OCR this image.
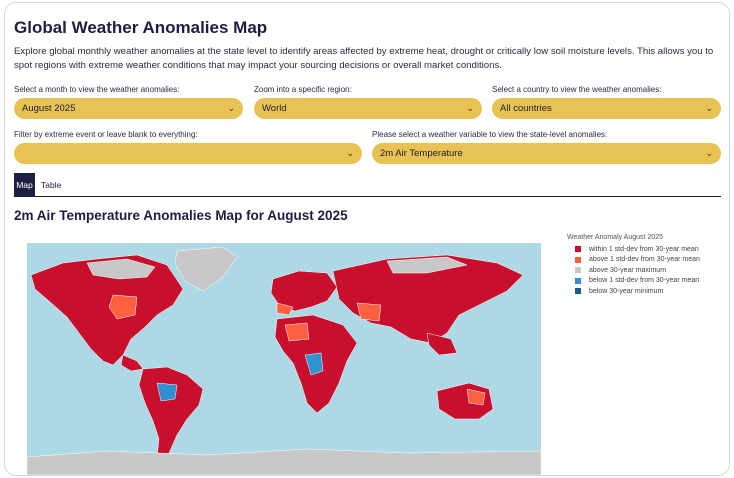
Global Weather Anomalies Map
Explore global monthly weather anomalies at the state level to identify areas affected by extreme heat, drought or critically low soil moisture levels. This allows you to spot regions with extreme weather conditions that may impact your sourcing decisions or overall market conditions.
Select a month to view the weather anomalies:
August 2025	⌄
Zoom into a specific region:
World	⌄
Select a country to view the weather anomalies:
All countries	⌄
Filter by extreme event or leave blank to everything:
⌄
Please select a weather variable to view the state-level anomalies:
2m Air Temperature	⌄
Map Table
2m Air Temperature Anomalies Map for August 2025
Weather Anomaly August 2025
within 1 std-dev from 30-year mean
above 1 std-dev from 30-year mean
above 30-year maximum
below 1 std-dev from 30-year mean
below 30-year minimum
